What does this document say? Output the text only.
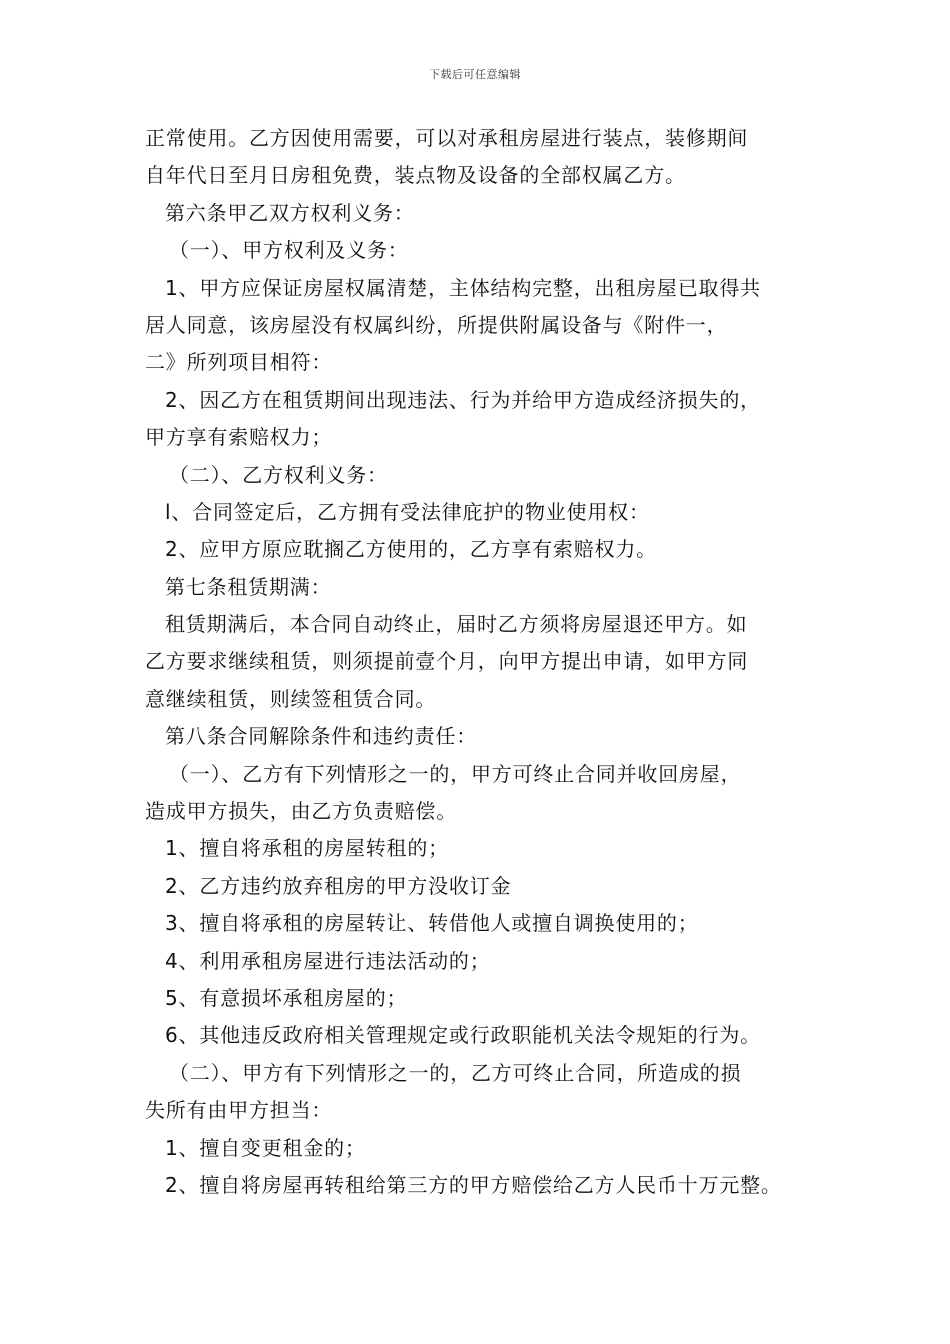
下载后可任意编辑
正常使用。乙方因使用需要，可以对承租房屋进行装点，装修期间
自年代日至月日房租免费，装点物及设备的全部权属乙方。
第六条甲乙双方权利义务：
（一）、甲方权利及义务：
1、甲方应保证房屋权属清楚，主体结构完整，出租房屋已取得共
居人同意，该房屋没有权属纠纷，所提供附属设备与《附件一，
二》所列项目相符：
2、因乙方在租赁期间出现违法、行为并给甲方造成经济损失的，
甲方享有索赔权力；
（二）、乙方权利义务：
l、合同签定后，乙方拥有受法律庇护的物业使用权：
2、应甲方原应耽搁乙方使用的，乙方享有索赔权力。
第七条租赁期满：
租赁期满后，本合同自动终止，届时乙方须将房屋退还甲方。如
乙方要求继续租赁，则须提前壹个月，向甲方提出申请，如甲方同
意继续租赁，则续签租赁合同。
第八条合同解除条件和违约责任：
（一）、乙方有下列情形之一的，甲方可终止合同并收回房屋，
造成甲方损失，由乙方负责赔偿。
1、擅自将承租的房屋转租的；
2、乙方违约放弃租房的甲方没收订金
3、擅自将承租的房屋转让、转借他人或擅自调换使用的；
4、利用承租房屋进行违法活动的；
5、有意损坏承租房屋的；
6、其他违反政府相关管理规定或行政职能机关法令规矩的行为。
（二）、甲方有下列情形之一的，乙方可终止合同，所造成的损
失所有由甲方担当：
1、擅自变更租金的；
2、擅自将房屋再转租给第三方的甲方赔偿给乙方人民币十万元整。
